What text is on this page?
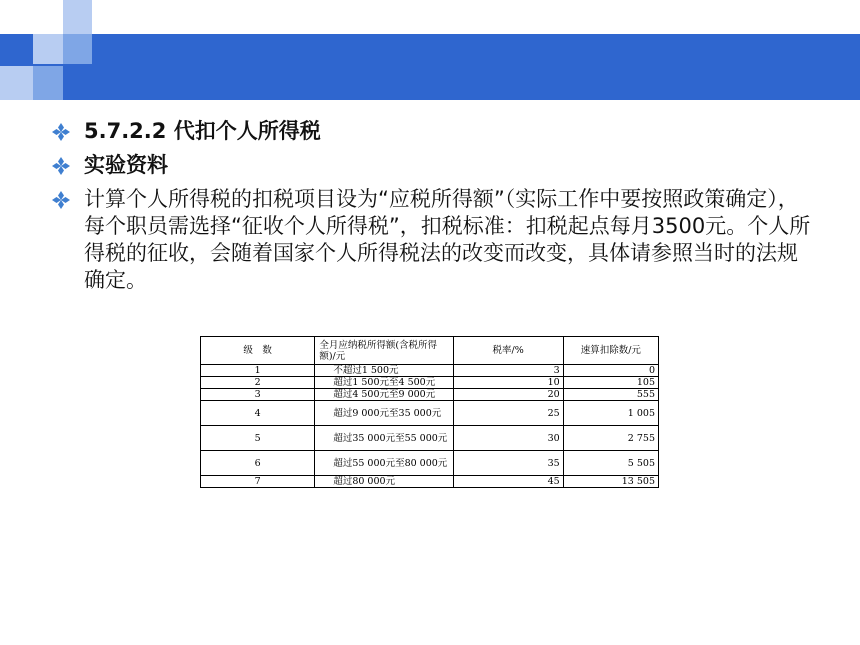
5.7.2.2 代扣个人所得税
实验资料
计算个人所得税的扣税项目设为“应税所得额”（实际工作中要按照政策确定），每个职员需选择“征收个人所得税”，扣税标准：扣税起点每月3500元。个人所得税的征收，会随着国家个人所得税法的改变而改变，具体请参照当时的法规确定。
级　数	全月应纳税所得额(含税所得额)/元	税率/%	速算扣除数/元
1	不超过1 500元	3	0
2	超过1 500元至4 500元	10	105
3	超过4 500元至9 000元	20	555
4	超过9 000元至35 000元	25	1 005
5	超过35 000元至55 000元	30	2 755
6	超过55 000元至80 000元	35	5 505
7	超过80 000元	45	13 505
